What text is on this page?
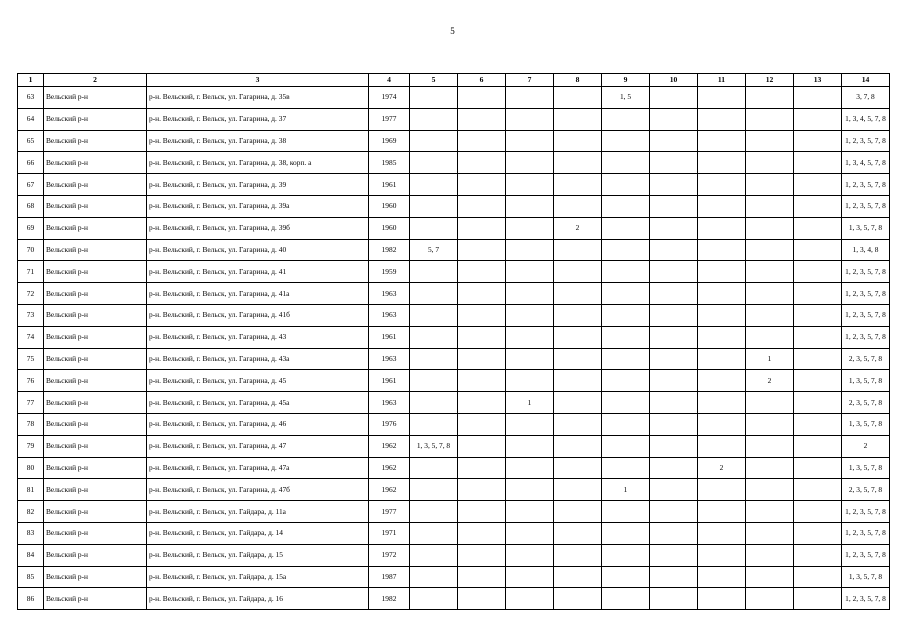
5
1	2	3	4	5	6	7	8	9	10	11	12	13	14
63	Вельский р-н	р-н. Вельский, г. Вельск, ул. Гагарина, д. 35в	1974					1, 5					3, 7, 8
64	Вельский р-н	р-н. Вельский, г. Вельск, ул. Гагарина, д. 37	1977										1, 3, 4, 5, 7, 8
65	Вельский р-н	р-н. Вельский, г. Вельск, ул. Гагарина, д. 38	1969										1, 2, 3, 5, 7, 8
66	Вельский р-н	р-н. Вельский, г. Вельск, ул. Гагарина, д. 38, корп. а	1985										1, 3, 4, 5, 7, 8
67	Вельский р-н	р-н. Вельский, г. Вельск, ул. Гагарина, д. 39	1961										1, 2, 3, 5, 7, 8
68	Вельский р-н	р-н. Вельский, г. Вельск, ул. Гагарина, д. 39а	1960										1, 2, 3, 5, 7, 8
69	Вельский р-н	р-н. Вельский, г. Вельск, ул. Гагарина, д. 39б	1960				2						1, 3, 5, 7, 8
70	Вельский р-н	р-н. Вельский, г. Вельск, ул. Гагарина, д. 40	1982	5, 7									1, 3, 4, 8
71	Вельский р-н	р-н. Вельский, г. Вельск, ул. Гагарина, д. 41	1959										1, 2, 3, 5, 7, 8
72	Вельский р-н	р-н. Вельский, г. Вельск, ул. Гагарина, д. 41а	1963										1, 2, 3, 5, 7, 8
73	Вельский р-н	р-н. Вельский, г. Вельск, ул. Гагарина, д. 41б	1963										1, 2, 3, 5, 7, 8
74	Вельский р-н	р-н. Вельский, г. Вельск, ул. Гагарина, д. 43	1961										1, 2, 3, 5, 7, 8
75	Вельский р-н	р-н. Вельский, г. Вельск, ул. Гагарина, д. 43а	1963								1		2, 3, 5, 7, 8
76	Вельский р-н	р-н. Вельский, г. Вельск, ул. Гагарина, д. 45	1961								2		1, 3, 5, 7, 8
77	Вельский р-н	р-н. Вельский, г. Вельск, ул. Гагарина, д. 45а	1963			1							2, 3, 5, 7, 8
78	Вельский р-н	р-н. Вельский, г. Вельск, ул. Гагарина, д. 46	1976										1, 3, 5, 7, 8
79	Вельский р-н	р-н. Вельский, г. Вельск, ул. Гагарина, д. 47	1962	1, 3, 5, 7, 8									2
80	Вельский р-н	р-н. Вельский, г. Вельск, ул. Гагарина, д. 47а	1962							2			1, 3, 5, 7, 8
81	Вельский р-н	р-н. Вельский, г. Вельск, ул. Гагарина, д. 47б	1962					1					2, 3, 5, 7, 8
82	Вельский р-н	р-н. Вельский, г. Вельск, ул. Гайдара, д. 11а	1977										1, 2, 3, 5, 7, 8
83	Вельский р-н	р-н. Вельский, г. Вельск, ул. Гайдара, д. 14	1971										1, 2, 3, 5, 7, 8
84	Вельский р-н	р-н. Вельский, г. Вельск, ул. Гайдара, д. 15	1972										1, 2, 3, 5, 7, 8
85	Вельский р-н	р-н. Вельский, г. Вельск, ул. Гайдара, д. 15а	1987										1, 3, 5, 7, 8
86	Вельский р-н	р-н. Вельский, г. Вельск, ул. Гайдара, д. 16	1982										1, 2, 3, 5, 7, 8
